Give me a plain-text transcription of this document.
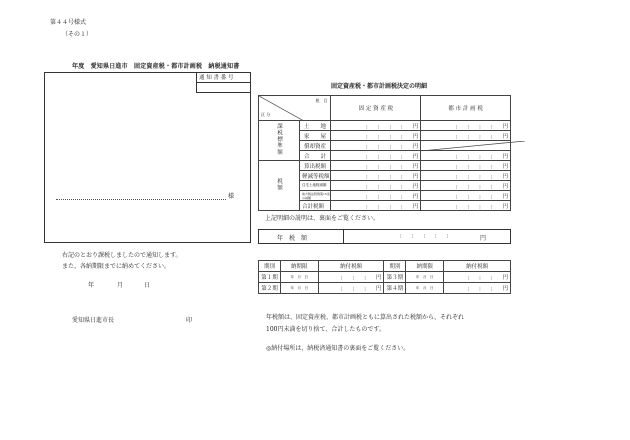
第４４号様式
（その１）
年度　愛知県日進市　固定資産税・都市計画税　納税通知書
通 知 書 番 号
様
右記のとおり課税しましたので通知します。
また、各納期限までに納めてください。
年	月	日
愛知県日進市長	印
固定資産税・都市計画税決定の明細
税　目
区 分		固 定 資 産 税	都 市 計 画 税
課税標準額	土　　地	¦¦¦¦円	¦¦¦¦円
	家　　屋	¦¦¦¦円	¦¦¦¦円
	償却資産	¦¦¦¦円	

	合　　計	¦¦¦¦円	¦¦¦¦円
税額	算出税額	¦¦¦¦円	¦¦¦¦円
	軽減等税額	¦¦¦¦円	¦¦¦¦円
	住宅土地軽減額	¦¦¦¦円	¦¦¦¦円
	地方税法附則第15条の減額	¦¦¦¦円	¦¦¦¦円
	合計税額	¦¦¦¦円	¦¦¦¦円
上記明細の説明は、裏面をご覧ください。
年　税　額	¦¦¦¦¦	円
期別	納期限	納付税額	期別	納期限	納付税額
第１期	年　月　日	¦¦¦円	第３期	年　月　日	¦¦¦円
第２期	年　月　日	¦¦¦円	第４期	年　月　日	¦¦¦円
年税額は、固定資産税、都市計画税ともに算出された税額から、それぞれ
100円未満を切り捨て、合計したものです。
◎納付場所は、納税済通知書の裏面をご覧ください。
